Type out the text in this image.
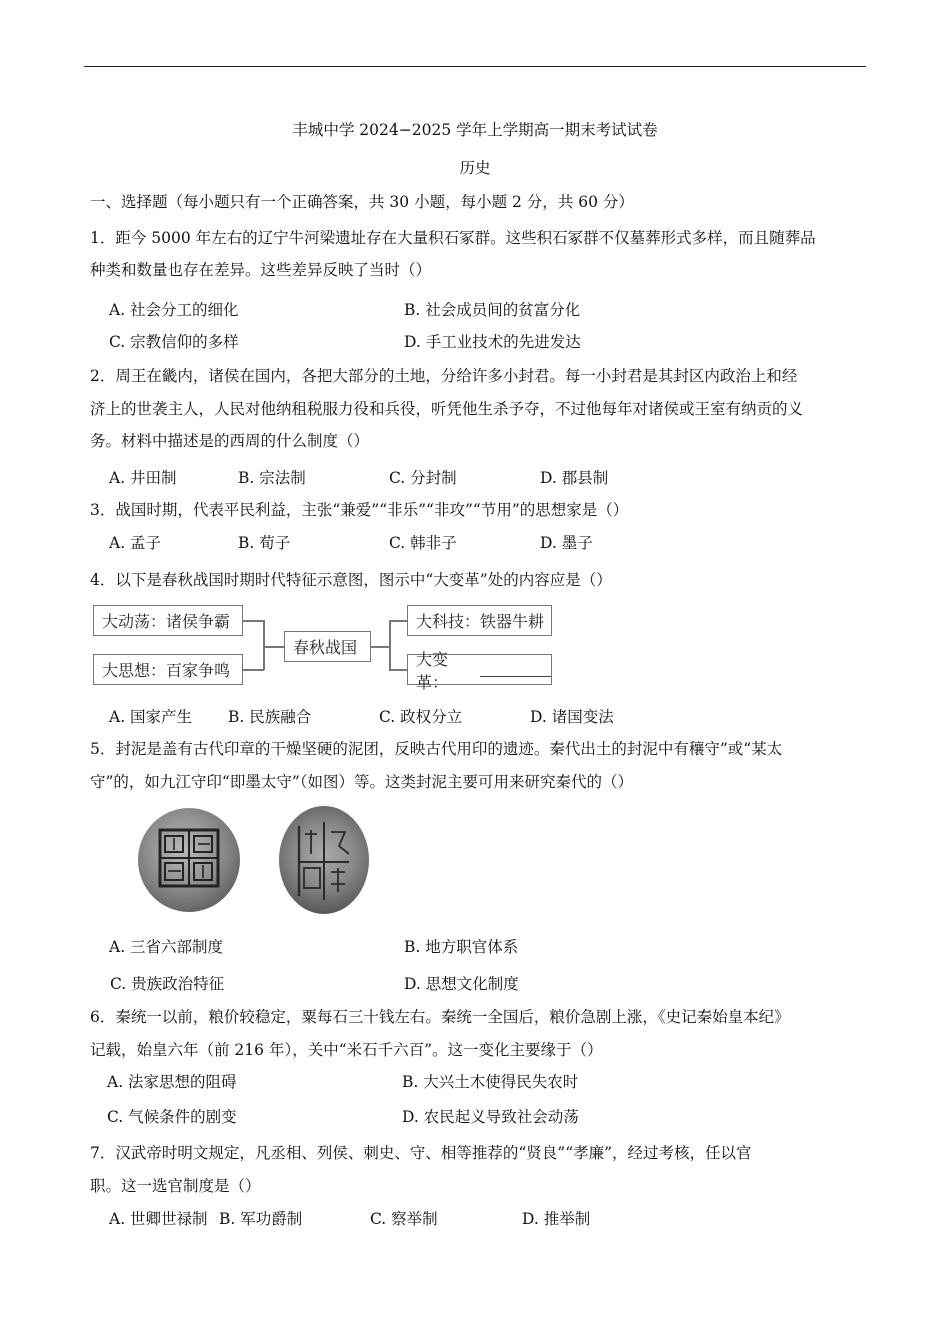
丰城中学 2024−2025 学年上学期高一期末考试试卷
历史
一、选择题（每小题只有一个正确答案，共 30 小题，每小题 2 分，共 60 分）
1．距今 5000 年左右的辽宁牛河梁遗址存在大量积石冢群。这些积石冢群不仅墓葬形式多样，而且随葬品
种类和数量也存在差异。这些差异反映了当时（）
A. 社会分工的细化	B. 社会成员间的贫富分化
C. 宗教信仰的多样	D. 手工业技术的先进发达
2．周王在畿内，诸侯在国内，各把大部分的土地，分给许多小封君。每一小封君是其封区内政治上和经
济上的世袭主人，人民对他纳租税服力役和兵役，听凭他生杀予夺，不过他每年对诸侯或王室有纳贡的义
务。材料中描述是的西周的什么制度（）
A. 井田制	B. 宗法制	C. 分封制	D. 郡县制
3．战国时期，代表平民利益，主张“兼爱”“非乐”“非攻”“节用”的思想家是（）
A. 孟子	B. 荀子	C. 韩非子	D. 墨子
4．以下是春秋战国时期时代特征示意图，图示中“大变革”处的内容应是（）
大动荡：诸侯争霸
大思想：百家争鸣
春秋战国
大科技：铁器牛耕
大变革：
A. 国家产生 B. 民族融合	C. 政权分立	D. 诸国变法
5．封泥是盖有古代印章的干燥坚硬的泥团，反映古代用印的遗迹。秦代出土的封泥中有穰守”或“某太
守”的，如九江守印“即墨太守”（如图）等。这类封泥主要可用来研究秦代的（）
A. 三省六部制度	B. 地方职官体系
C. 贵族政治特征	D. 思想文化制度
6．秦统一以前，粮价较稳定，粟每石三十钱左右。秦统一全国后，粮价急剧上涨，《史记秦始皇本纪》
记载，始皇六年（前 216 年），关中“米石千六百”。这一变化主要缘于（）
A. 法家思想的阻碍	B. 大兴土木使得民失农时
C. 气候条件的剧变	D. 农民起义导致社会动荡
7．汉武帝时明文规定，凡丞相、列侯、刺史、守、相等推荐的“贤良”“孝廉”，经过考核，任以官
职。这一选官制度是（）
A. 世卿世禄制 B. 军功爵制	C. 察举制	D. 推举制
